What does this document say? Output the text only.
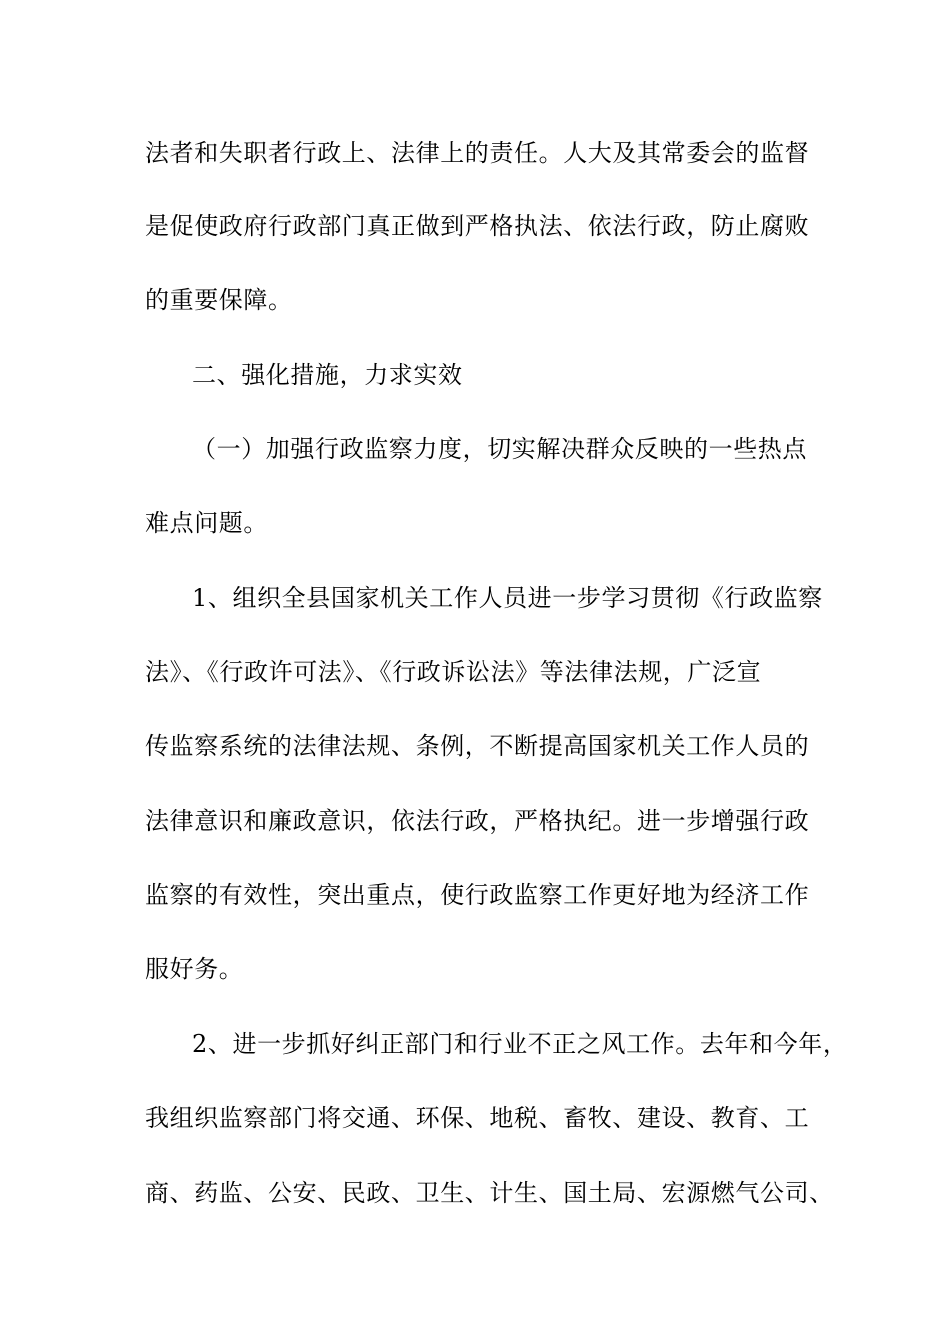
法者和失职者行政上、法律上的责任。人大及其常委会的监督
是促使政府行政部门真正做到严格执法、依法行政，防止腐败
的重要保障。
二、强化措施，力求实效
（一）加强行政监察力度，切实解决群众反映的一些热点
难点问题。
1、组织全县国家机关工作人员进一步学习贯彻《行政监察
法》、《行政许可法》、《行政诉讼法》等法律法规，广泛宣
传监察系统的法律法规、条例，不断提高国家机关工作人员的
法律意识和廉政意识，依法行政，严格执纪。进一步增强行政
监察的有效性，突出重点，使行政监察工作更好地为经济工作
服好务。
2、进一步抓好纠正部门和行业不正之风工作。去年和今年，
我组织监察部门将交通、环保、地税、畜牧、建设、教育、工
商、药监、公安、民政、卫生、计生、国土局、宏源燃气公司、
